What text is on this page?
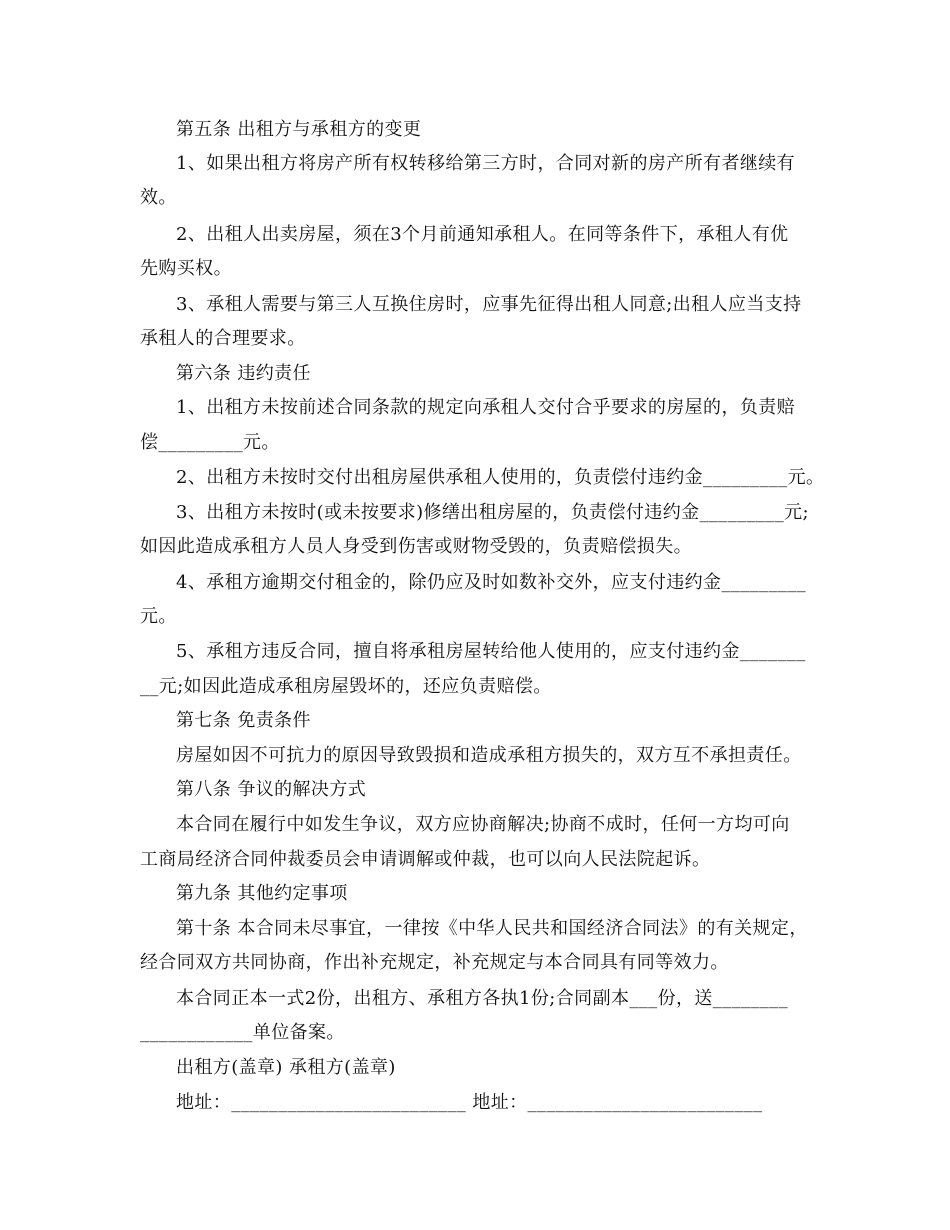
第五条 出租方与承租方的变更
1、如果出租方将房产所有权转移给第三方时，合同对新的房产所有者继续有
效。
2、出租人出卖房屋，须在3个月前通知承租人。在同等条件下，承租人有优
先购买权。
3、承租人需要与第三人互换住房时，应事先征得出租人同意;出租人应当支持
承租人的合理要求。
第六条 违约责任
1、出租方未按前述合同条款的规定向承租人交付合乎要求的房屋的，负责赔
偿_________元。
2、出租方未按时交付出租房屋供承租人使用的，负责偿付违约金_________元。
3、出租方未按时(或未按要求)修缮出租房屋的，负责偿付违约金_________元;
如因此造成承租方人员人身受到伤害或财物受毁的，负责赔偿损失。
4、承租方逾期交付租金的，除仍应及时如数补交外，应支付违约金_________
元。
5、承租方违反合同，擅自将承租房屋转给他人使用的，应支付违约金_______
__元;如因此造成承租房屋毁坏的，还应负责赔偿。
第七条 免责条件
房屋如因不可抗力的原因导致毁损和造成承租方损失的，双方互不承担责任。
第八条 争议的解决方式
本合同在履行中如发生争议，双方应协商解决;协商不成时，任何一方均可向
工商局经济合同仲裁委员会申请调解或仲裁，也可以向人民法院起诉。
第九条 其他约定事项
第十条 本合同未尽事宜，一律按《中华人民共和国经济合同法》的有关规定，
经合同双方共同协商，作出补充规定，补充规定与本合同具有同等效力。
本合同正本一式2份，出租方、承租方各执1份;合同副本___份，送________
____________单位备案。
出租方(盖章) 承租方(盖章)
地址：_________________________ 地址：_________________________
